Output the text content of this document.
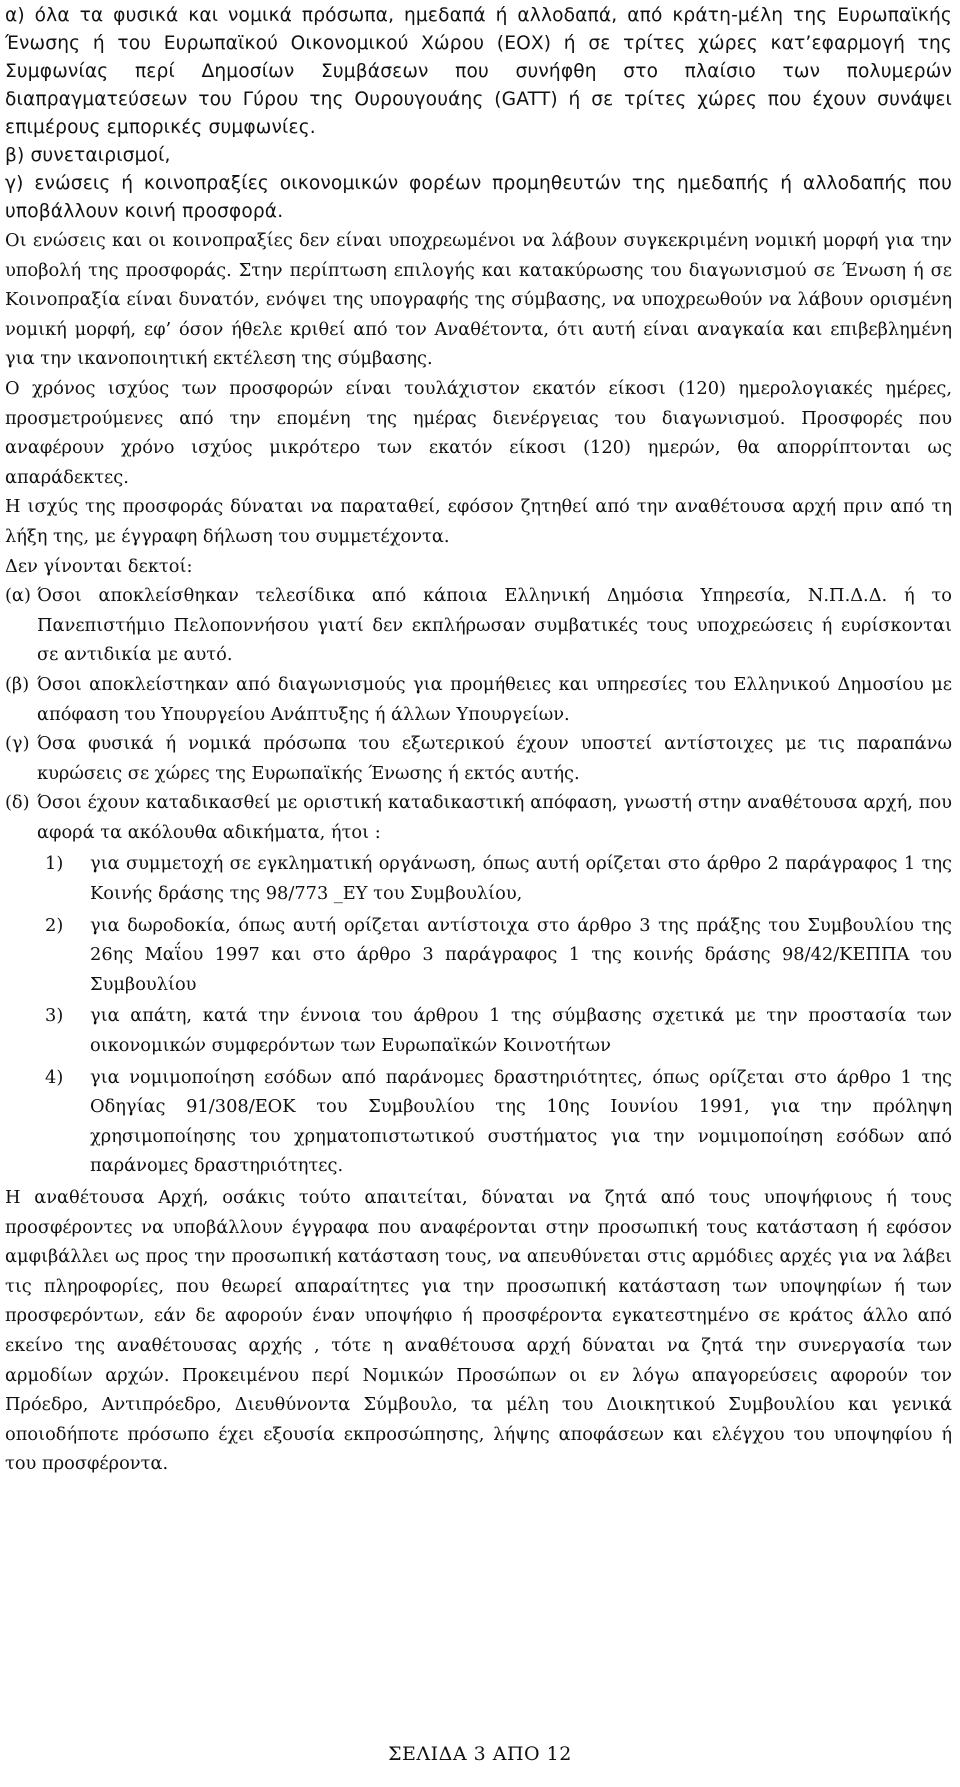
α) όλα τα φυσικά και νομικά πρόσωπα, ημεδαπά ή αλλοδαπά, από κράτη-μέλη της Ευρωπαϊκής Ένωσης ή του Ευρωπαϊκού Οικονομικού Χώρου (ΕΟΧ) ή σε τρίτες χώρες κατ’εφαρμογή της Συμφωνίας περί Δημοσίων Συμβάσεων που συνήφθη στο πλαίσιο των πολυμερών διαπραγματεύσεων του Γύρου της Ουρουγουάης (GATT) ή σε τρίτες χώρες που έχουν συνάψει επιμέρους εμπορικές συμφωνίες.

β) συνεταιρισμοί,

γ) ενώσεις ή κοινοπραξίες οικονομικών φορέων προμηθευτών της ημεδαπής ή αλλοδαπής που υποβάλλουν κοινή προσφορά.

Οι ενώσεις και οι κοινοπραξίες δεν είναι υποχρεωμένοι να λάβουν συγκεκριμένη νομική μορφή για την υποβολή της προσφοράς. Στην περίπτωση επιλογής και κατακύρωσης του διαγωνισμού σε Ένωση ή σε Κοινοπραξία είναι δυνατόν, ενόψει της υπογραφής της σύμβασης, να υποχρεωθούν να λάβουν ορισμένη νομική μορφή, εφ’ όσον ήθελε κριθεί από τον Αναθέτοντα, ότι αυτή είναι αναγκαία και επιβεβλημένη για την ικανοποιητική εκτέλεση της σύμβασης.

Ο χρόνος ισχύος των προσφορών είναι τουλάχιστον εκατόν είκοσι (120) ημερολογιακές ημέρες, προσμετρούμενες από την επομένη της ημέρας διενέργειας του διαγωνισμού. Προσφορές που αναφέρουν χρόνο ισχύος μικρότερο των εκατόν είκοσι (120) ημερών, θα απορρίπτονται ως απαράδεκτες.

Η ισχύς της προσφοράς δύναται να παραταθεί, εφόσον ζητηθεί από την αναθέτουσα αρχή πριν από τη λήξη της, με έγγραφη δήλωση του συμμετέχοντα.

Δεν γίνονται δεκτοί:

(α) Όσοι αποκλείσθηκαν τελεσίδικα από κάποια Ελληνική Δημόσια Υπηρεσία, Ν.Π.Δ.Δ. ή το Πανεπιστήμιο Πελοποννήσου γιατί δεν εκπλήρωσαν συμβατικές τους υποχρεώσεις ή ευρίσκονται σε αντιδικία με αυτό.
(β) Όσοι αποκλείστηκαν από διαγωνισμούς για προμήθειες και υπηρεσίες του Ελληνικού Δημοσίου με απόφαση του Υπουργείου Ανάπτυξης ή άλλων Υπουργείων.
(γ) Όσα φυσικά ή νομικά πρόσωπα του εξωτερικού έχουν υποστεί αντίστοιχες με τις παραπάνω κυρώσεις σε χώρες της Ευρωπαϊκής Ένωσης ή εκτός αυτής.
(δ) Όσοι έχουν καταδικασθεί με οριστική καταδικαστική απόφαση, γνωστή στην αναθέτουσα αρχή, που αφορά τα ακόλουθα αδικήματα, ήτοι :
1)	για συμμετοχή σε εγκληματική οργάνωση, όπως αυτή ορίζεται στο άρθρο 2 παράγραφος 1 της Κοινής δράσης της 98/773 _ΕΥ του Συμβουλίου,
2)	για δωροδοκία, όπως αυτή ορίζεται αντίστοιχα στο άρθρο 3 της πράξης του Συμβουλίου της 26ης Μαΐου 1997 και στο άρθρο 3 παράγραφος 1 της κοινής δράσης 98/42/ΚΕΠΠΑ του Συμβουλίου
3)	για απάτη, κατά την έννοια του άρθρου 1 της σύμβασης σχετικά με την προστασία των οικονομικών συμφερόντων των Ευρωπαϊκών Κοινοτήτων
4)	για νομιμοποίηση εσόδων από παράνομες δραστηριότητες, όπως ορίζεται στο άρθρο 1 της Οδηγίας 91/308/ΕΟΚ του Συμβουλίου της 10ης Ιουνίου 1991, για την πρόληψη χρησιμοποίησης του χρηματοπιστωτικού συστήματος για την νομιμοποίηση εσόδων από παράνομες δραστηριότητες.

Η αναθέτουσα Αρχή, οσάκις τούτο απαιτείται, δύναται να ζητά από τους υποψήφιους ή τους προσφέροντες να υποβάλλουν έγγραφα που αναφέρονται στην προσωπική τους κατάσταση ή εφόσον αμφιβάλλει ως προς την προσωπική κατάσταση τους, να απευθύνεται στις αρμόδιες αρχές για να λάβει τις πληροφορίες, που θεωρεί απαραίτητες για την προσωπική κατάσταση των υποψηφίων ή των προσφερόντων, εάν δε αφορούν έναν υποψήφιο ή προσφέροντα εγκατεστημένο σε κράτος άλλο από εκείνο της αναθέτουσας αρχής , τότε η αναθέτουσα αρχή δύναται να ζητά την συνεργασία των αρμοδίων αρχών. Προκειμένου περί Νομικών Προσώπων οι εν λόγω απαγορεύσεις αφορούν τον Πρόεδρο, Αντιπρόεδρο, Διευθύνοντα Σύμβουλο, τα μέλη του Διοικητικού Συμβουλίου και γενικά οποιοδήποτε πρόσωπο έχει εξουσία εκπροσώπησης, λήψης αποφάσεων και ελέγχου του υποψηφίου ή του προσφέροντα.

ΣΕΛΙΔΑ 3 ΑΠΟ 12
